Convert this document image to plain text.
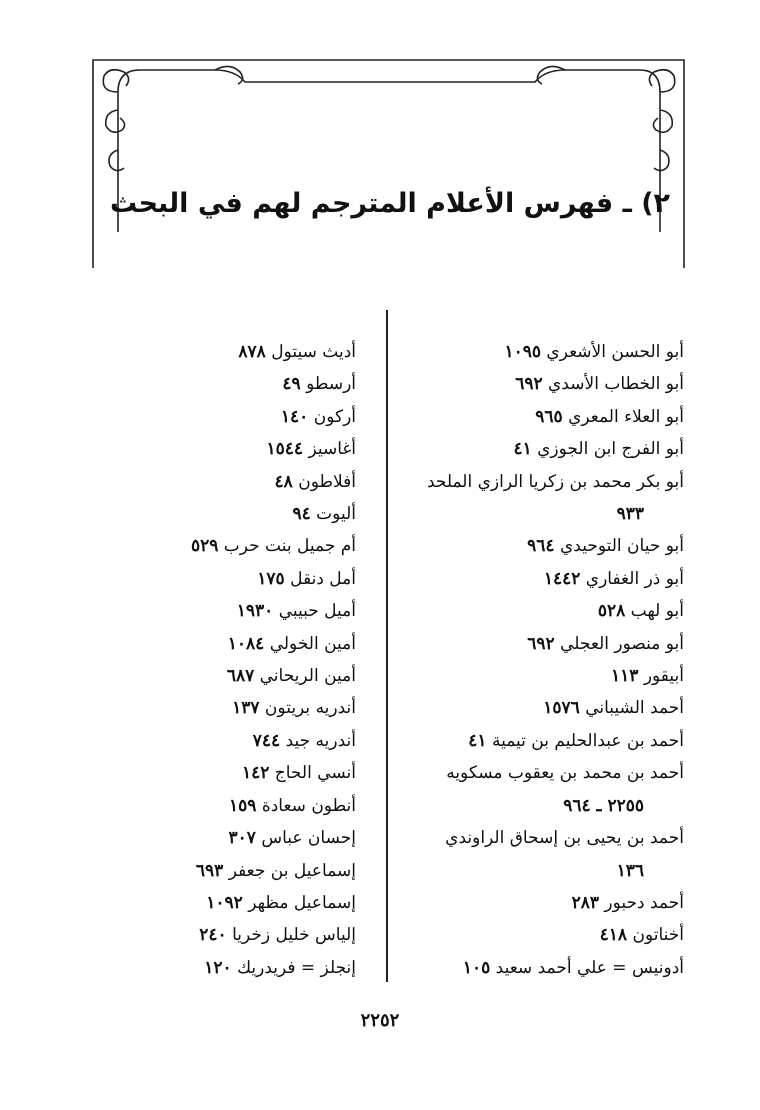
٢) ـ فهرس الأعلام المترجم لهم في البحث
أبو الحسن الأشعري ١٠٩٥
أبو الخطاب الأسدي ٦٩٢
أبو العلاء المعري ٩٦٥
أبو الفرج ابن الجوزي ٤١
أبو بكر محمد بن زكريا الرازي الملحد
٩٣٣
أبو حيان التوحيدي ٩٦٤
أبو ذر الغفاري ١٤٤٢
أبو لهب ٥٢٨
أبو منصور العجلي ٦٩٢
أبيقور ١١٣
أحمد الشيباني ١٥٧٦
أحمد بن عبدالحليم بن تيمية ٤١
أحمد بن محمد بن يعقوب مسكويه
٢٢٥٥ ـ ٩٦٤
أحمد بن يحيى بن إسحاق الراوندي
١٣٦
أحمد دحبور ٢٨٣
أخناتون ٤١٨
أدونيس = علي أحمد سعيد ١٠٥
أديث سيتول ٨٧٨
أرسطو ٤٩
أركون ١٤٠
أغاسيز ١٥٤٤
أفلاطون ٤٨
أليوت ٩٤
أم جميل بنت حرب ٥٢٩
أمل دنقل ١٧٥
أميل حبيبي ١٩٣٠
أمين الخولي ١٠٨٤
أمين الريحاني ٦٨٧
أندريه بريتون ١٣٧
أندريه جيد ٧٤٤
أنسي الحاج ١٤٢
أنطون سعادة ١٥٩
إحسان عباس ٣٠٧
إسماعيل بن جعفر ٦٩٣
إسماعيل مظهر ١٠٩٢
إلياس خليل زخريا ٢٤٠
إنجلز = فريدريك ١٢٠
٢٢٥٢
